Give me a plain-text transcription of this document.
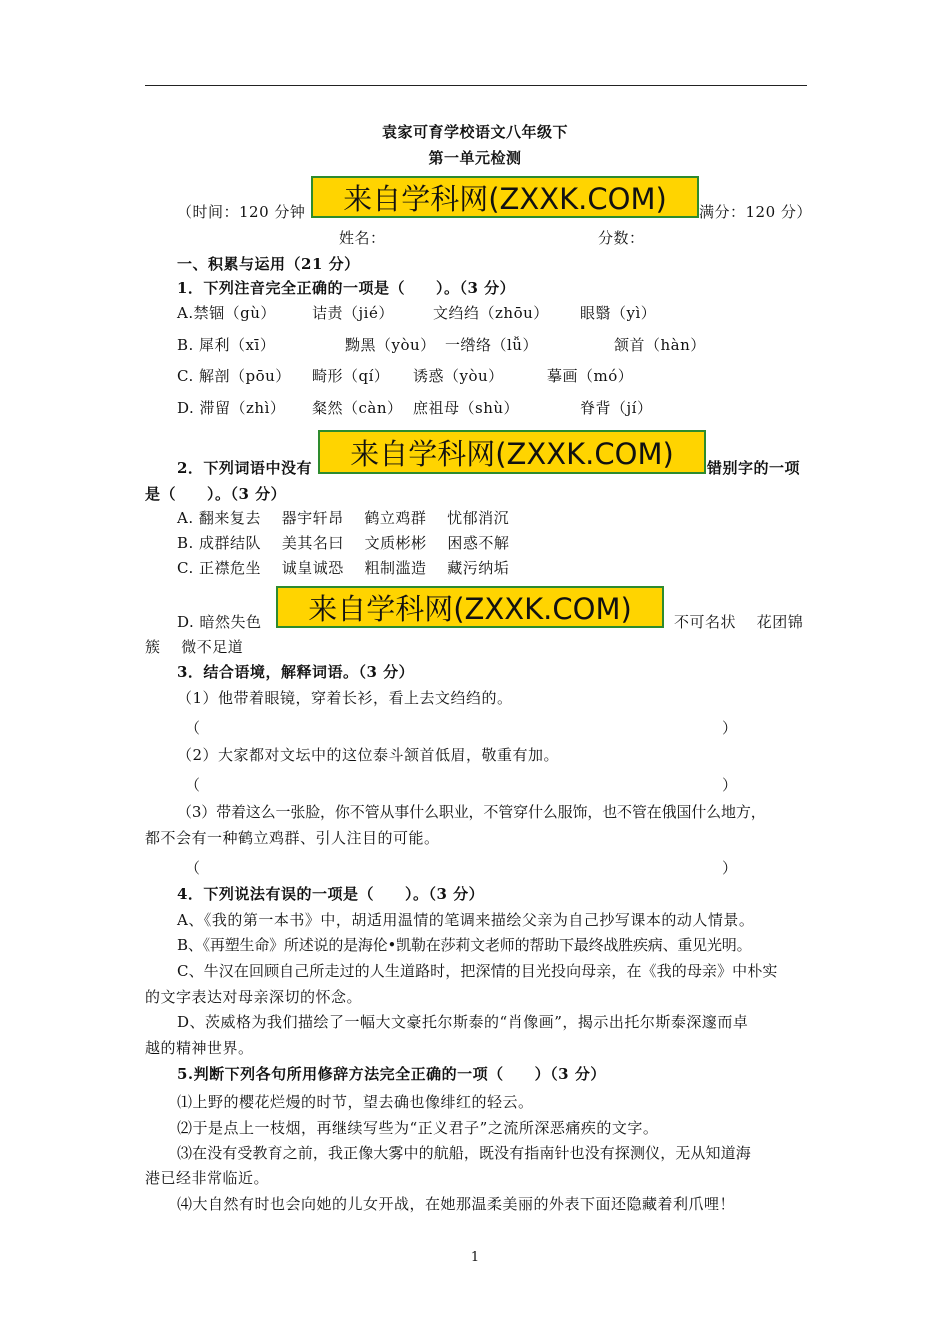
袁家可育学校语文八年级下
第一单元检测
（时间：120 分钟 来自学科网(ZXXK.COM) 满分：120 分）
姓名：	分数：
一、积累与运用（21 分）
1．下列注音完全正确的一项是（　　）。（3 分）
A.禁锢（gù） 诘责（jié）	文绉绉（zhōu） 眼翳（yì）
B. 犀利（xī）	黝黑（yòu） 一绺络（lǚ）	颔首（hàn）
C. 解剖（pōu） 畸形（qí） 诱惑（yòu）	摹画（mó）
D. 滞留（zhì） 粲然（càn） 庶祖母（shù）	脊背（jí）
2．下列词语中没有 来自学科网(ZXXK.COM) 错别字的一项
是（　　）。（3 分）
A. 翻来复去　 器宇轩昂　 鹤立鸡群　 忧郁消沉
B. 成群结队　 美其名曰　 文质彬彬　 困惑不解
C. 正襟危坐　 诚皇诚恐　 粗制滥造　 藏污纳垢
D. 暗然失色 来自学科网(ZXXK.COM)	不可名状　 花团锦
簇　 微不足道
3．结合语境，解释词语。（3 分）
（1）他带着眼镜，穿着长衫，看上去文绉绉的。
（	）
（2）大家都对文坛中的这位泰斗颔首低眉，敬重有加。
（	）
（3）带着这么一张脸，你不管从事什么职业，不管穿什么服饰，也不管在俄国什么地方，
都不会有一种鹤立鸡群、引人注目的可能。
（	）
4．下列说法有误的一项是（　　）。（3 分）
A、《我的第一本书》中，胡适用温情的笔调来描绘父亲为自己抄写课本的动人情景。
B、《再塑生命》所述说的是海伦•凯勒在莎莉文老师的帮助下最终战胜疾病、重见光明。
C、牛汉在回顾自己所走过的人生道路时，把深情的目光投向母亲，在《我的母亲》中朴实
的文字表达对母亲深切的怀念。
D、茨威格为我们描绘了一幅大文豪托尔斯泰的“肖像画”，揭示出托尔斯泰深邃而卓
越的精神世界。
5.判断下列各句所用修辞方法完全正确的一项（　　）（3 分）
⑴上野的樱花烂熳的时节，望去确也像绯红的轻云。
⑵于是点上一枝烟，再继续写些为“正义君子”之流所深恶痛疾的文字。
⑶在没有受教育之前，我正像大雾中的航船，既没有指南针也没有探测仪，无从知道海
港已经非常临近。
⑷大自然有时也会向她的儿女开战，在她那温柔美丽的外表下面还隐藏着利爪哩！
1
